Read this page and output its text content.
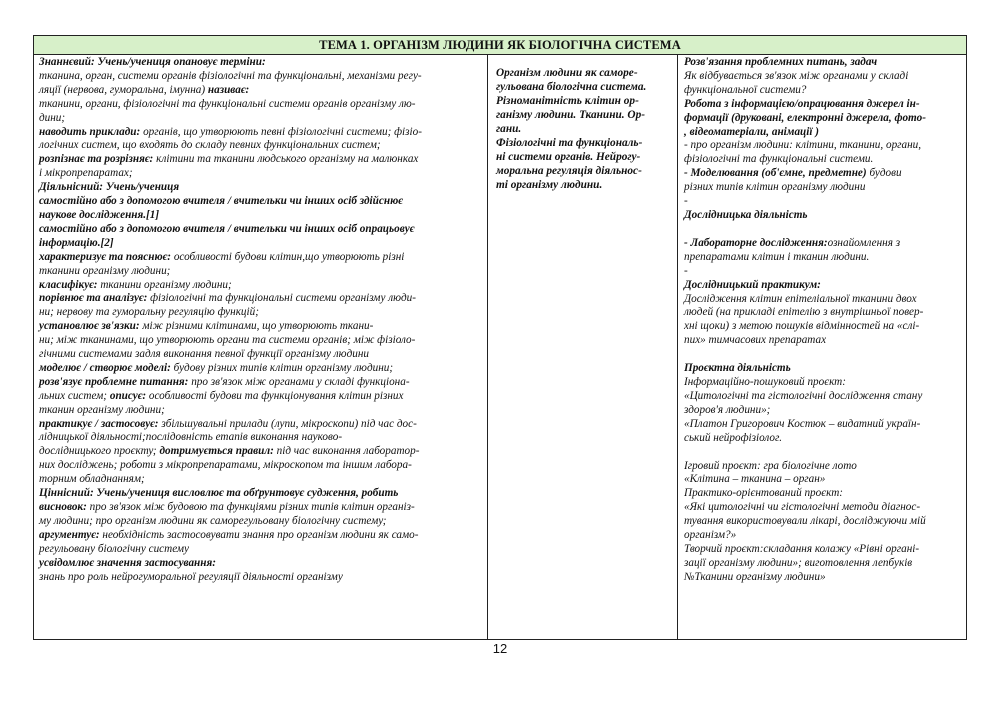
ТЕМА 1. ОРГАНІЗМ ЛЮДИНИ ЯК БІОЛОГІЧНА СИСТЕМА

Знаннєвий: Учень/учениця опановує терміни:

тканина, орган, системи органів фізіологічні та функціональні, механізми регу-

ляції (нервова, гуморальна, імунна) називає:

тканини, органи, фізіологічні та функціональні системи органів організму лю-

дини;

наводить приклади: органів, що утворюють певні фізіологічні системи; фізіо-

логічних систем, що входять до складу певних функціональних систем;

розпізнає та розрізняє: клітини та тканини людського організму на малюнках

і мікропрепаратах;

Діяльнісний: Учень/учениця

самостійно або з допомогою вчителя / вчительки чи інших осіб здійснює

наукове дослідження.[1]

самостійно або з допомогою вчителя / вчительки чи інших осіб опрацьовує

інформацію.[2]

характеризує та пояснює: особливості будови клітин,що утворюють різні

тканини організму людини;

класифікує: тканини організму людини;

порівнює та аналізує: фізіологічні та функціональні системи організму люди-

ни; нервову та гуморальну регуляцію функцій;

установлює зв'язки: між різними клітинами, що утворюють ткани-

ни; між тканинами, що утворюють органи та системи органів; між фізіоло-

гічними системами задля виконання певної функції організму людини

моделює / створює моделі: будову різних типів клітин організму людини;

розв'язує проблемне питання: про зв'язок між органами у складі функціона-

льних систем; описує: особливості будови та функціонування клітин різних

тканин організму людини;

практикує / застосовує: збільшувальні прилади (лупи, мікроскопи) під час дос-

лідницької діяльності;послідовність етапів виконання науково-

дослідницького проєкту; дотримується правил: під час виконання лаборатор-

них досліджень; роботи з мікропрепаратами, мікроскопом та іншим лабора-

торним обладнанням;

Ціннісний: Учень/учениця висловлює та обґрунтовує судження, робить

висновок: про зв'язок між будовою та функціями різних типів клітин організ-

му людини; про організм людини як саморегульовану біологічну систему;

аргументує: необхідність застосовувати знання про організм людини як само-

регульовану біологічну систему

усвідомлює значення застосування:

знань про роль нейрогуморальної регуляції діяльності організму

Організм людини як саморе-

гульована біологічна система.

Різноманітність клітин ор-

ганізму людини. Тканини. Ор-

гани.

Фізіологічні та функціональ-

ні системи органів. Нейрогу-

моральна регуляція діяльнос-

ті організму людини.

Розв'язання проблемних питань, задач

Як відбувається зв'язок між органами у складі

функціональної системи?

Робота з інформацією/опрацювання джерел ін-

формації (друковані, електронні джерела, фото-

, відеоматеріали, анімації )

- про організм людини: клітини, тканини, органи,

фізіологічні та функціональні системи.

- Моделювання (об'ємне, предметне) будови

різних типів клітин організму людини

-

Дослідницька діяльність

- Лабораторне дослідження:ознайомлення з

препаратами клітин і тканин людини.

-

Дослідницький практикум:

Дослідження клітин епітеліальної тканини двох

людей (на прикладі епітелію з внутрішньої повер-

хні щоки) з метою пошуків відмінностей на «слі-

пих» тимчасових препаратах

Проєктна діяльність

Інформаційно-пошуковий проєкт:

«Цитологічні та гістологічні дослідження стану

здоров'я людини»;

«Платон Григорович Костюк – видатний україн-

ський нейрофізіолог.

Ігровий проєкт: гра біологічне лото

«Клітина – тканина – орган»

Практико-орієнтований проєкт:

«Які цитологічні чи гістологічні методи діагнос-

тування використовували лікарі, досліджуючи мій

організм?»

Творчий проєкт:складання колажу «Рівні органі-

зації організму людини»; виготовлення лепбуків

№Тканини організму людини»

12
